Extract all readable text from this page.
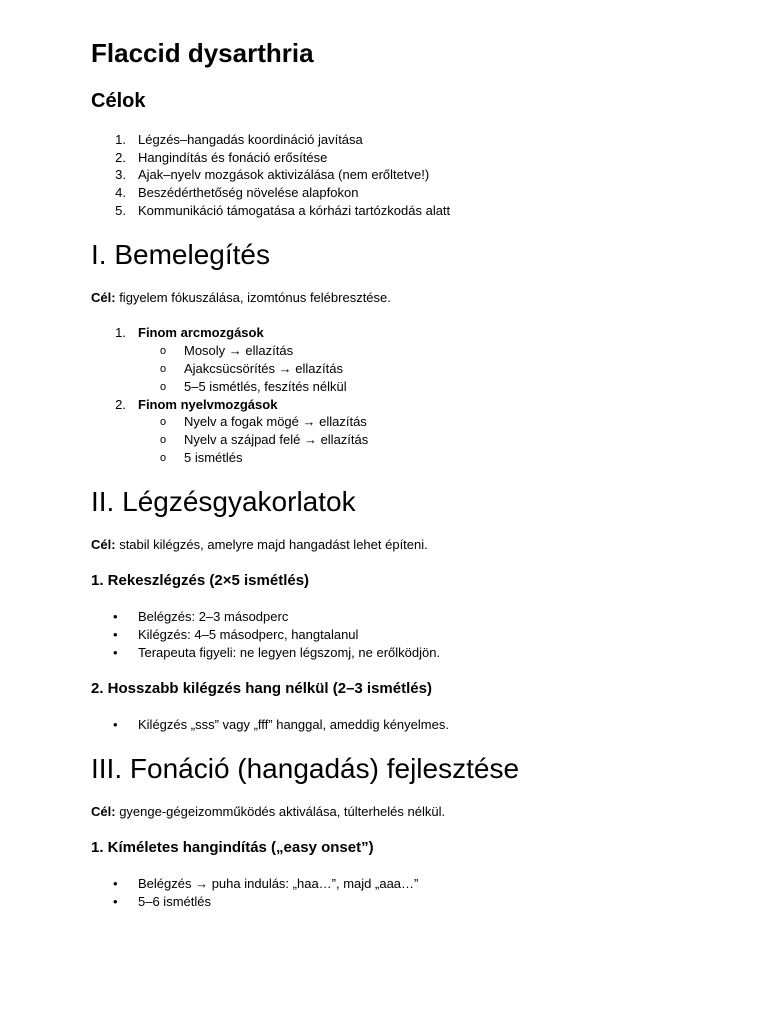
Flaccid dysarthria
Célok
1. Légzés–hangadás koordináció javítása
2. Hangindítás és fonáció erősítése
3. Ajak–nyelv mozgások aktivizálása (nem erőltetve!)
4. Beszédérthetőség növelése alapfokon
5. Kommunikáció támogatása a kórházi tartózkodás alatt
I. Bemelegítés

Cél: figyelem fókuszálása, izomtónus felébresztése.

1. Finom arcmozgások
o Mosoly → ellazítás
o Ajakcsücsörítés → ellazítás
o 5–5 ismétlés, feszítés nélkül
2. Finom nyelvmozgások
o Nyelv a fogak mögé → ellazítás
o Nyelv a szájpad felé → ellazítás
o 5 ismétlés
II. Légzésgyakorlatok

Cél: stabil kilégzés, amelyre majd hangadást lehet építeni.

1. Rekeszlégzés (2×5 ismétlés)
• Belégzés: 2–3 másodperc
• Kilégzés: 4–5 másodperc, hangtalanul
• Terapeuta figyeli: ne legyen légszomj, ne erőlködjön.
2. Hosszabb kilégzés hang nélkül (2–3 ismétlés)
• Kilégzés „sss” vagy „fff” hanggal, ameddig kényelmes.
III. Fonáció (hangadás) fejlesztése

Cél: gyenge-gégeizomműködés aktiválása, túlterhelés nélkül.

1. Kíméletes hangindítás („easy onset”)
• Belégzés → puha indulás: „haa…”, majd „aaa…”
• 5–6 ismétlés
